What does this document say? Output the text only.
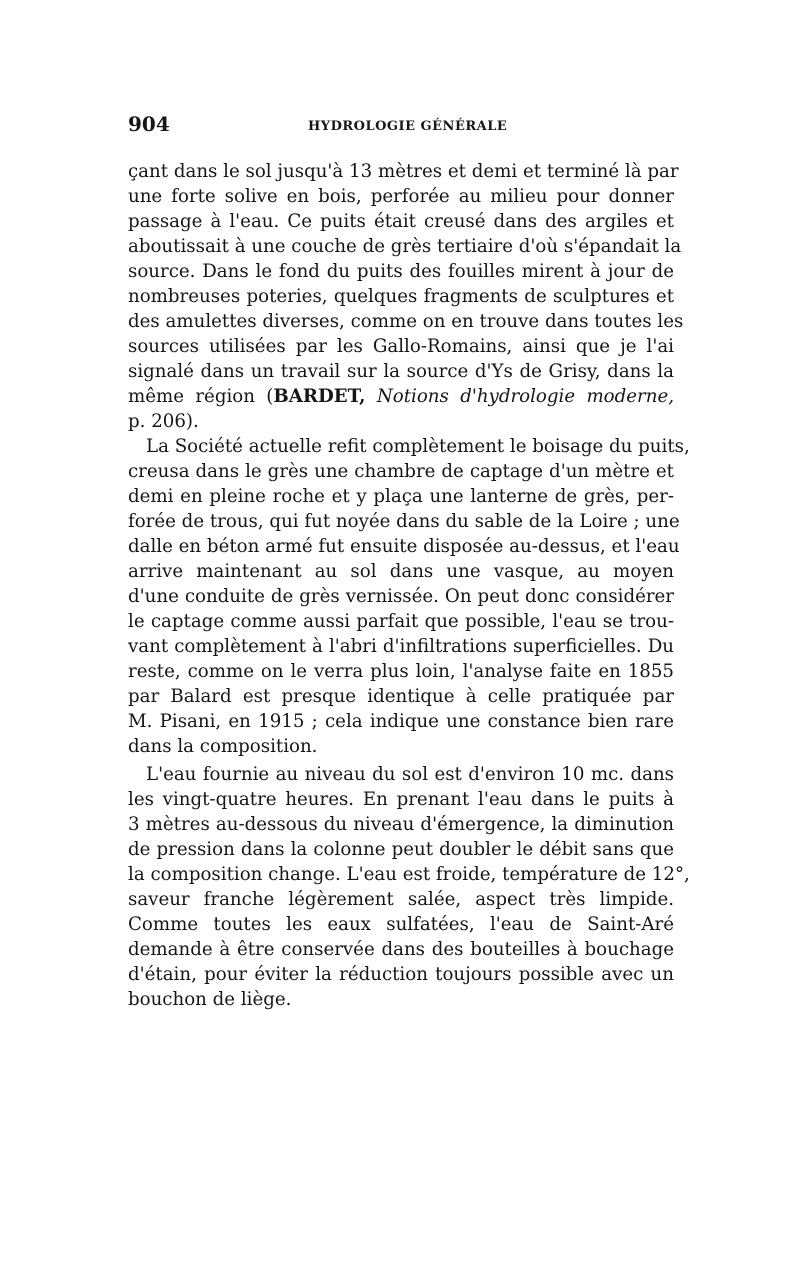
904	HYDROLOGIE GÉNÉRALE
çant dans le sol jusqu'à 13 mètres et demi et terminé là par
une forte solive en bois, perforée au milieu pour donner
passage à l'eau. Ce puits était creusé dans des argiles et
aboutissait à une couche de grès tertiaire d'où s'épandait la
source. Dans le fond du puits des fouilles mirent à jour de
nombreuses poteries, quelques fragments de sculptures et
des amulettes diverses, comme on en trouve dans toutes les
sources utilisées par les Gallo-Romains, ainsi que je l'ai
signalé dans un travail sur la source d'Ys de Grisy, dans la
même région (BARDET, Notions d'hydrologie moderne,
p. 206).
La Société actuelle refit complètement le boisage du puits,
creusa dans le grès une chambre de captage d'un mètre et
demi en pleine roche et y plaça une lanterne de grès, per-
forée de trous, qui fut noyée dans du sable de la Loire ; une
dalle en béton armé fut ensuite disposée au-dessus, et l'eau
arrive maintenant au sol dans une vasque, au moyen
d'une conduite de grès vernissée. On peut donc considérer
le captage comme aussi parfait que possible, l'eau se trou-
vant complètement à l'abri d'infiltrations superficielles. Du
reste, comme on le verra plus loin, l'analyse faite en 1855
par Balard est presque identique à celle pratiquée par
M. Pisani, en 1915 ; cela indique une constance bien rare
dans la composition.
L'eau fournie au niveau du sol est d'environ 10 mc. dans
les vingt-quatre heures. En prenant l'eau dans le puits à
3 mètres au-dessous du niveau d'émergence, la diminution
de pression dans la colonne peut doubler le débit sans que
la composition change. L'eau est froide, température de 12°,
saveur franche légèrement salée, aspect très limpide.
Comme toutes les eaux sulfatées, l'eau de Saint-Aré
demande à être conservée dans des bouteilles à bouchage
d'étain, pour éviter la réduction toujours possible avec un
bouchon de liège.
